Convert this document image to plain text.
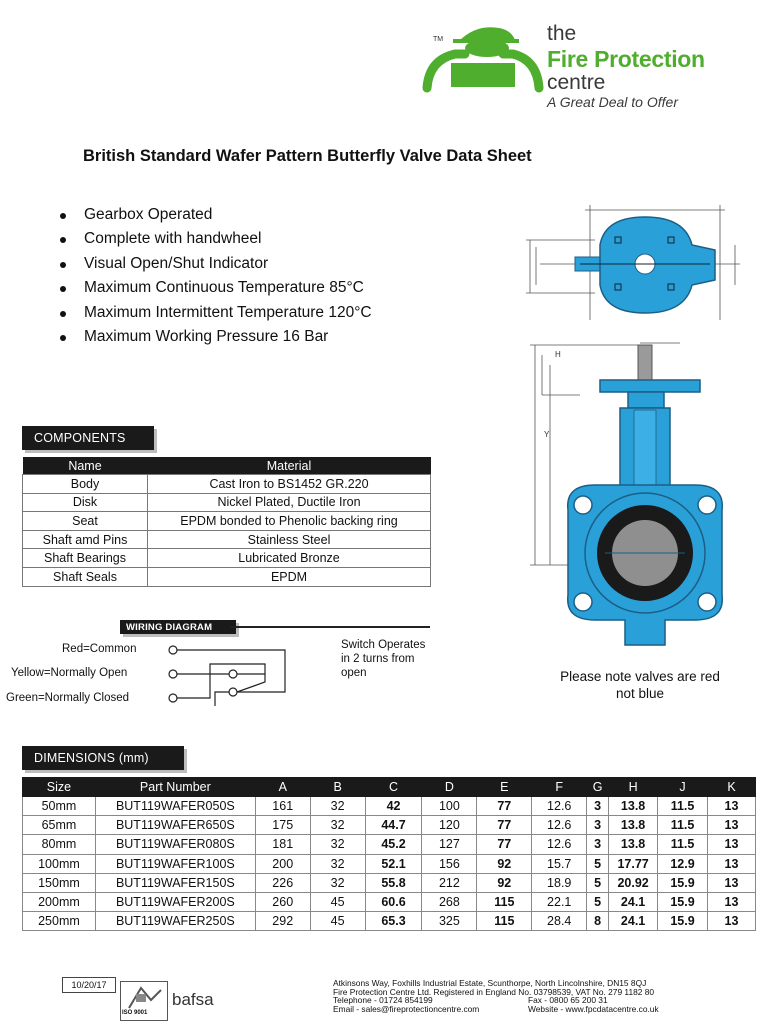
TM	the
Fire Protection
centre
A Great Deal to Offer
British Standard Wafer Pattern Butterfly Valve Data Sheet
Gearbox Operated
Complete with handwheel
Visual Open/Shut Indicator
Maximum Continuous Temperature 85°C
Maximum Intermittent Temperature 120°C
Maximum Working Pressure 16 Bar
H
Y
Please note valves are red not blue
COMPONENTS
Name	Material
Body	Cast Iron to BS1452 GR.220
Disk	Nickel Plated, Ductile Iron
Seat	EPDM bonded to Phenolic backing ring
Shaft amd Pins	Stainless Steel
Shaft Bearings	Lubricated Bronze
Shaft Seals	EPDM
WIRING DIAGRAM
Red=Common
Yellow=Normally Open
Green=Normally Closed
Switch Operates in 2 turns from open
DIMENSIONS (mm)
Size	Part Number	A	B	C	D	E	F	G	H	J	K
50mm	BUT119WAFER050S	161	32	42	100	77	12.6	3	13.8	11.5	13
65mm	BUT119WAFER650S	175	32	44.7	120	77	12.6	3	13.8	11.5	13
80mm	BUT119WAFER080S	181	32	45.2	127	77	12.6	3	13.8	11.5	13
100mm	BUT119WAFER100S	200	32	52.1	156	92	15.7	5	17.77	12.9	13
150mm	BUT119WAFER150S	226	32	55.8	212	92	18.9	5	20.92	15.9	13
200mm	BUT119WAFER200S	260	45	60.6	268	115	22.1	5	24.1	15.9	13
250mm	BUT119WAFER250S	292	45	65.3	325	115	28.4	8	24.1	15.9	13
10/20/17
ISO 9001
bafsa
Atkinsons Way, Foxhills Industrial Estate, Scunthorpe, North Lincolnshire, DN15 8QJ
Fire Protection Centre Ltd. Registered in England No. 03798539, VAT No. 279 1182 80
Telephone - 01724 854199	Fax - 0800 65 200 31
Email - sales@fireprotectioncentre.com	Website - www.fpcdatacentre.co.uk
